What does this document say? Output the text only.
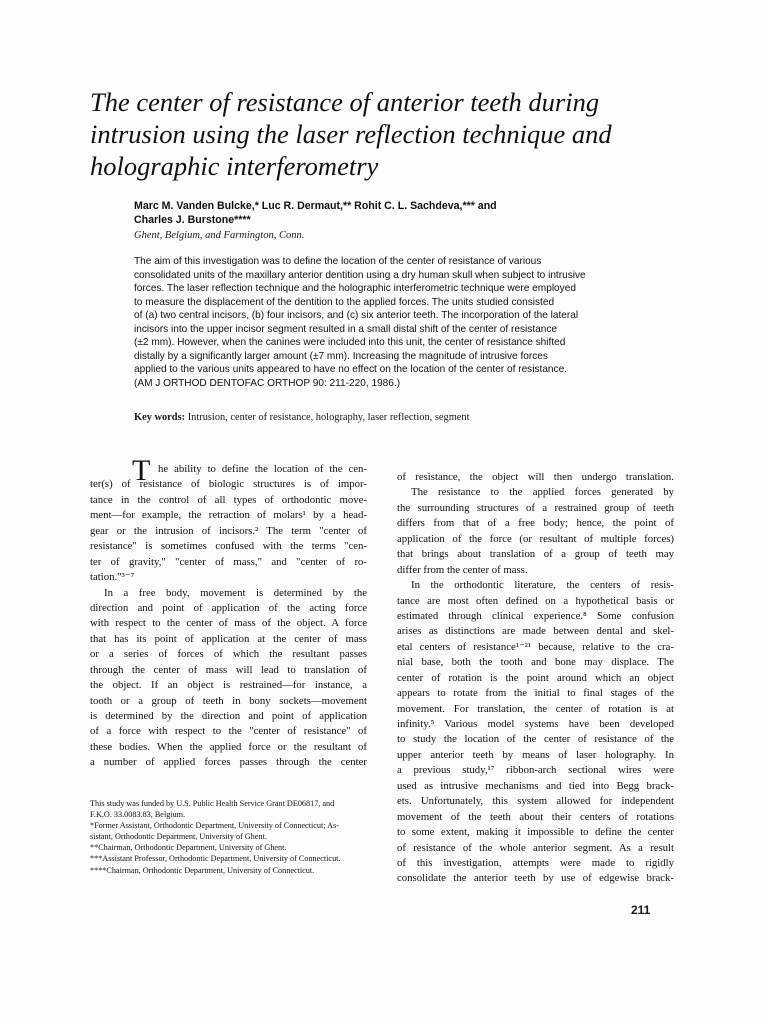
The center of resistance of anterior teeth during
intrusion using the laser reflection technique and
holographic interferometry
Marc M. Vanden Bulcke,* Luc R. Dermaut,** Rohit C. L. Sachdeva,*** and
Charles J. Burstone****
Ghent, Belgium, and Farmington, Conn.
The aim of this investigation was to define the location of the center of resistance of various
consolidated units of the maxillary anterior dentition using a dry human skull when subject to intrusive
forces. The laser reflection technique and the holographic interferometric technique were employed
to measure the displacement of the dentition to the applied forces. The units studied consisted
of (a) two central incisors, (b) four incisors, and (c) six anterior teeth. The incorporation of the lateral
incisors into the upper incisor segment resulted in a small distal shift of the center of resistance
(±2 mm). However, when the canines were included into this unit, the center of resistance shifted
distally by a significantly larger amount (±7 mm). Increasing the magnitude of intrusive forces
applied to the various units appeared to have no effect on the location of the center of resistance.
(AM J ORTHOD DENTOFAC ORTHOP 90: 211-220, 1986.)
Key words: Intrusion, center of resistance, holography, laser reflection, segment
T he ability to define the location of the cen-
ter(s) of resistance of biologic structures is of impor-
tance in the control of all types of orthodontic move-
ment—for example, the retraction of molars¹ by a head-
gear or the intrusion of incisors.² The term "center of
resistance" is sometimes confused with the terms "cen-
ter of gravity," "center of mass," and "center of ro-
tation."³⁻⁷
In a free body, movement is determined by the
direction and point of application of the acting force
with respect to the center of mass of the object. A force
that has its point of application at the center of mass
or a series of forces of which the resultant passes
through the center of mass will lead to translation of
the object. If an object is restrained—for instance, a
tooth or a group of teeth in bony sockets—movement
is determined by the direction and point of application
of a force with respect to the "center of resistance" of
these bodies. When the applied force or the resultant of
a number of applied forces passes through the center
of resistance, the object will then undergo translation.
The resistance to the applied forces generated by
the surrounding structures of a restrained group of teeth
differs from that of a free body; hence, the point of
application of the force (or resultant of multiple forces)
that brings about translation of a group of teeth may
differ from the center of mass.
In the orthodontic literature, the centers of resis-
tance are most often defined on a hypothetical basis or
estimated through clinical experience.⁸ Some confusion
arises as distinctions are made between dental and skel-
etal centers of resistance¹⁻²¹ because, relative to the cra-
nial base, both the tooth and bone may displace. The
center of rotation is the point around which an object
appears to rotate from the initial to final stages of the
movement. For translation, the center of rotation is at
infinity.⁵ Various model systems have been developed
to study the location of the center of resistance of the
upper anterior teeth by means of laser holography. In
a previous study,¹⁷ ribbon-arch sectional wires were
used as intrusive mechanisms and tied into Begg brack-
ets. Unfortunately, this system allowed for independent
movement of the teeth about their centers of rotations
to some extent, making it impossible to define the center
of resistance of the whole anterior segment. As a result
of this investigation, attempts were made to rigidly
consolidate the anterior teeth by use of edgewise brack-
This study was funded by U.S. Public Health Service Grant DE06817, and
F.K.O. 33.0083.83, Belgium.
*Former Assistant, Orthodontic Department, University of Connecticut; As-
sistant, Orthodontic Department, University of Ghent.
**Chairman, Orthodontic Department, University of Ghent.
***Assistant Professor, Orthodontic Department, University of Connecticut.
****Chairman, Orthodontic Department, University of Connecticut.
211
